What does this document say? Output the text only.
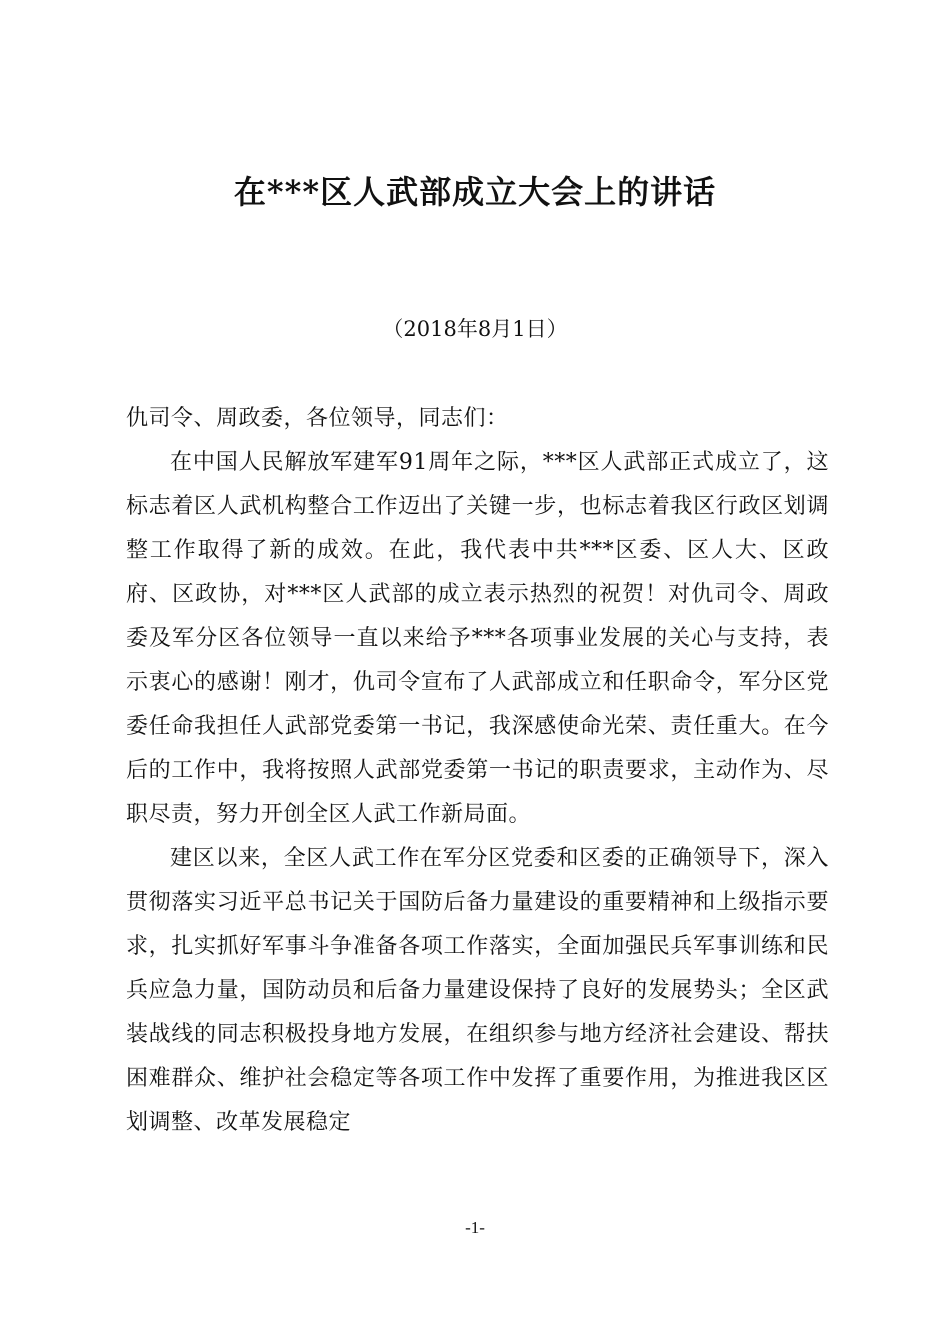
在***区人武部成立大会上的讲话
（2018年8月1日）

仇司令、周政委，各位领导，同志们：

在中国人民解放军建军91周年之际，***区人武部正式成立了，这标志着区人武机构整合工作迈出了关键一步，也标志着我区行政区划调整工作取得了新的成效。在此，我代表中共***区委、区人大、区政府、区政协，对***区人武部的成立表示热烈的祝贺！对仇司令、周政委及军分区各位领导一直以来给予***各项事业发展的关心与支持，表示衷心的感谢！刚才，仇司令宣布了人武部成立和任职命令，军分区党委任命我担任人武部党委第一书记，我深感使命光荣、责任重大。在今后的工作中，我将按照人武部党委第一书记的职责要求，主动作为、尽职尽责，努力开创全区人武工作新局面。

建区以来，全区人武工作在军分区党委和区委的正确领导下，深入贯彻落实习近平总书记关于国防后备力量建设的重要精神和上级指示要求，扎实抓好军事斗争准备各项工作落实，全面加强民兵军事训练和民兵应急力量，国防动员和后备力量建设保持了良好的发展势头；全区武装战线的同志积极投身地方发展，在组织参与地方经济社会建设、帮扶困难群众、维护社会稳定等各项工作中发挥了重要作用，为推进我区区划调整、改革发展稳定

-1-
